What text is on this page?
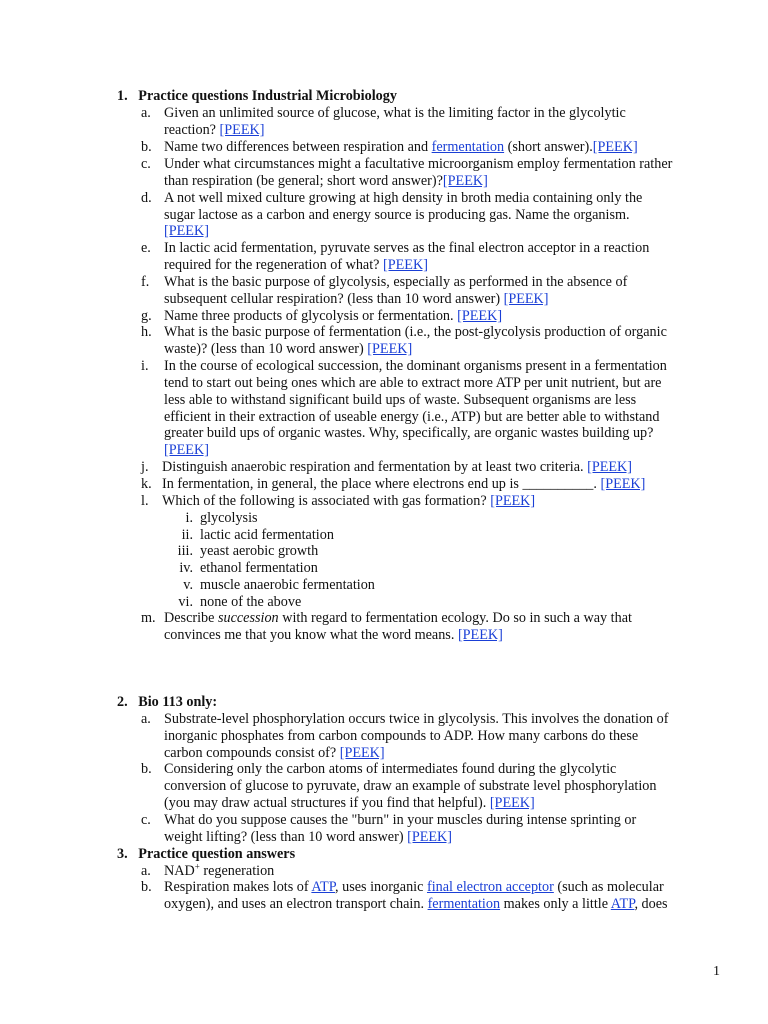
1. Practice questions Industrial Microbiology
a. Given an unlimited source of glucose, what is the limiting factor in the glycolytic
reaction? [PEEK]
b. Name two differences between respiration and fermentation (short answer).[PEEK]
c. Under what circumstances might a facultative microorganism employ fermentation rather
than respiration (be general; short word answer)?[PEEK]
d. A not well mixed culture growing at high density in broth media containing only the
sugar lactose as a carbon and energy source is producing gas. Name the organism.
[PEEK]
e. In lactic acid fermentation, pyruvate serves as the final electron acceptor in a reaction
required for the regeneration of what? [PEEK]
f. What is the basic purpose of glycolysis, especially as performed in the absence of
subsequent cellular respiration? (less than 10 word answer) [PEEK]
g. Name three products of glycolysis or fermentation. [PEEK]
h. What is the basic purpose of fermentation (i.e., the post-glycolysis production of organic
waste)? (less than 10 word answer) [PEEK]
i. In the course of ecological succession, the dominant organisms present in a fermentation
tend to start out being ones which are able to extract more ATP per unit nutrient, but are
less able to withstand significant build ups of waste. Subsequent organisms are less
efficient in their extraction of useable energy (i.e., ATP) but are better able to withstand
greater build ups of organic wastes. Why, specifically, are organic wastes building up?
[PEEK]
j. Distinguish anaerobic respiration and fermentation by at least two criteria. [PEEK]
k. In fermentation, in general, the place where electrons end up is __________. [PEEK]
l. Which of the following is associated with gas formation? [PEEK]
i. glycolysis
ii. lactic acid fermentation
iii. yeast aerobic growth
iv. ethanol fermentation
v. muscle anaerobic fermentation
vi. none of the above
m. Describe succession with regard to fermentation ecology. Do so in such a way that
convinces me that you know what the word means. [PEEK]
2. Bio 113 only:
a. Substrate-level phosphorylation occurs twice in glycolysis. This involves the donation of
inorganic phosphates from carbon compounds to ADP. How many carbons do these
carbon compounds consist of? [PEEK]
b. Considering only the carbon atoms of intermediates found during the glycolytic
conversion of glucose to pyruvate, draw an example of substrate level phosphorylation
(you may draw actual structures if you find that helpful). [PEEK]
c. What do you suppose causes the "burn" in your muscles during intense sprinting or
weight lifting? (less than 10 word answer) [PEEK]
3. Practice question answers
a. NAD+ regeneration
b. Respiration makes lots of ATP, uses inorganic final electron acceptor (such as molecular
oxygen), and uses an electron transport chain. fermentation makes only a little ATP, does
1
